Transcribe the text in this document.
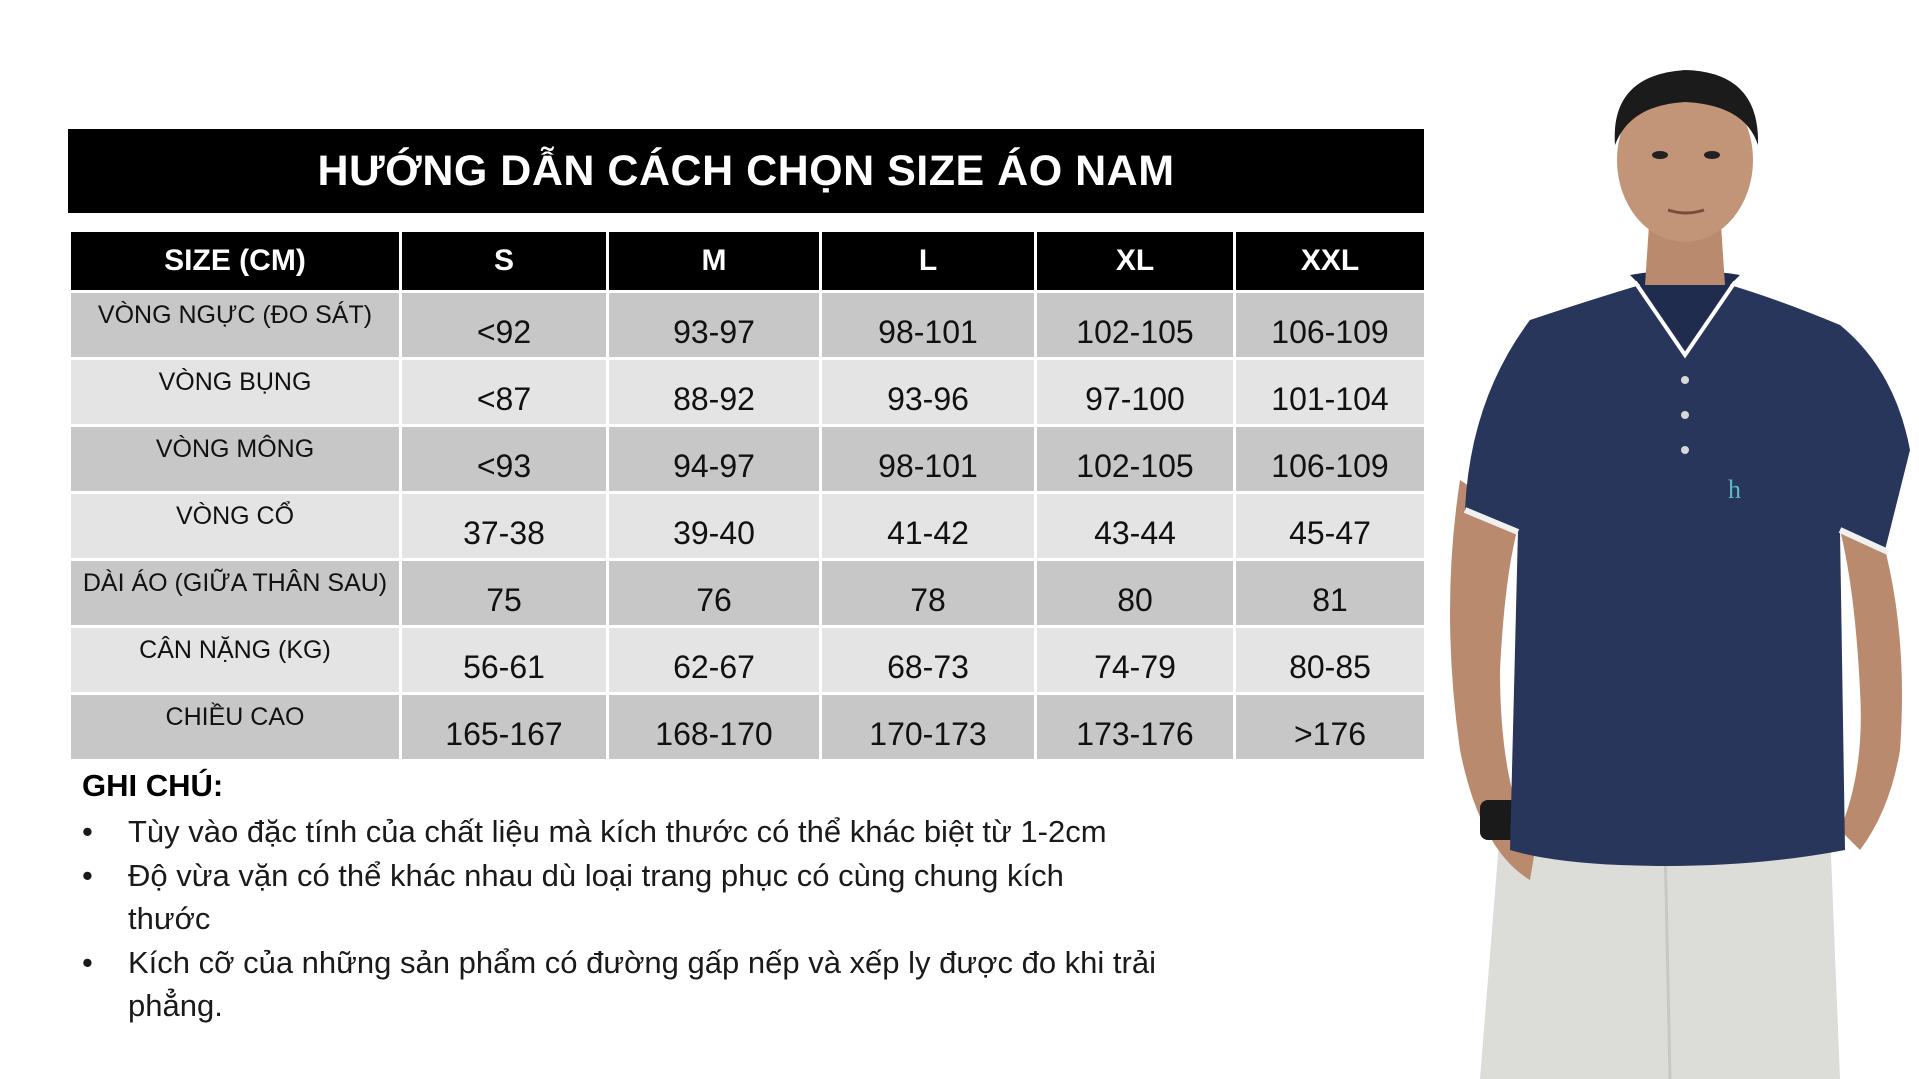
HƯỚNG DẪN CÁCH CHỌN SIZE ÁO NAM
SIZE (CM)	S	M	L	XL	XXL
VÒNG NGỰC (ĐO SÁT)	<92	93-97	98-101	102-105	106-109
VÒNG BỤNG	<87	88-92	93-96	97-100	101-104
VÒNG MÔNG	<93	94-97	98-101	102-105	106-109
VÒNG CỔ	37-38	39-40	41-42	43-44	45-47
DÀI ÁO (GIỮA THÂN SAU)	75	76	78	80	81
CÂN NẶNG (KG)	56-61	62-67	68-73	74-79	80-85
CHIỀU CAO	165-167	168-170	170-173	173-176	>176
GHI CHÚ:
• Tùy vào đặc tính của chất liệu mà kích thước có thể khác biệt từ 1-2cm
• Độ vừa vặn có thể khác nhau dù loại trang phục có cùng chung kích thước
• Kích cỡ của những sản phẩm có đường gấp nếp và xếp ly được đo khi trải phẳng.
h
